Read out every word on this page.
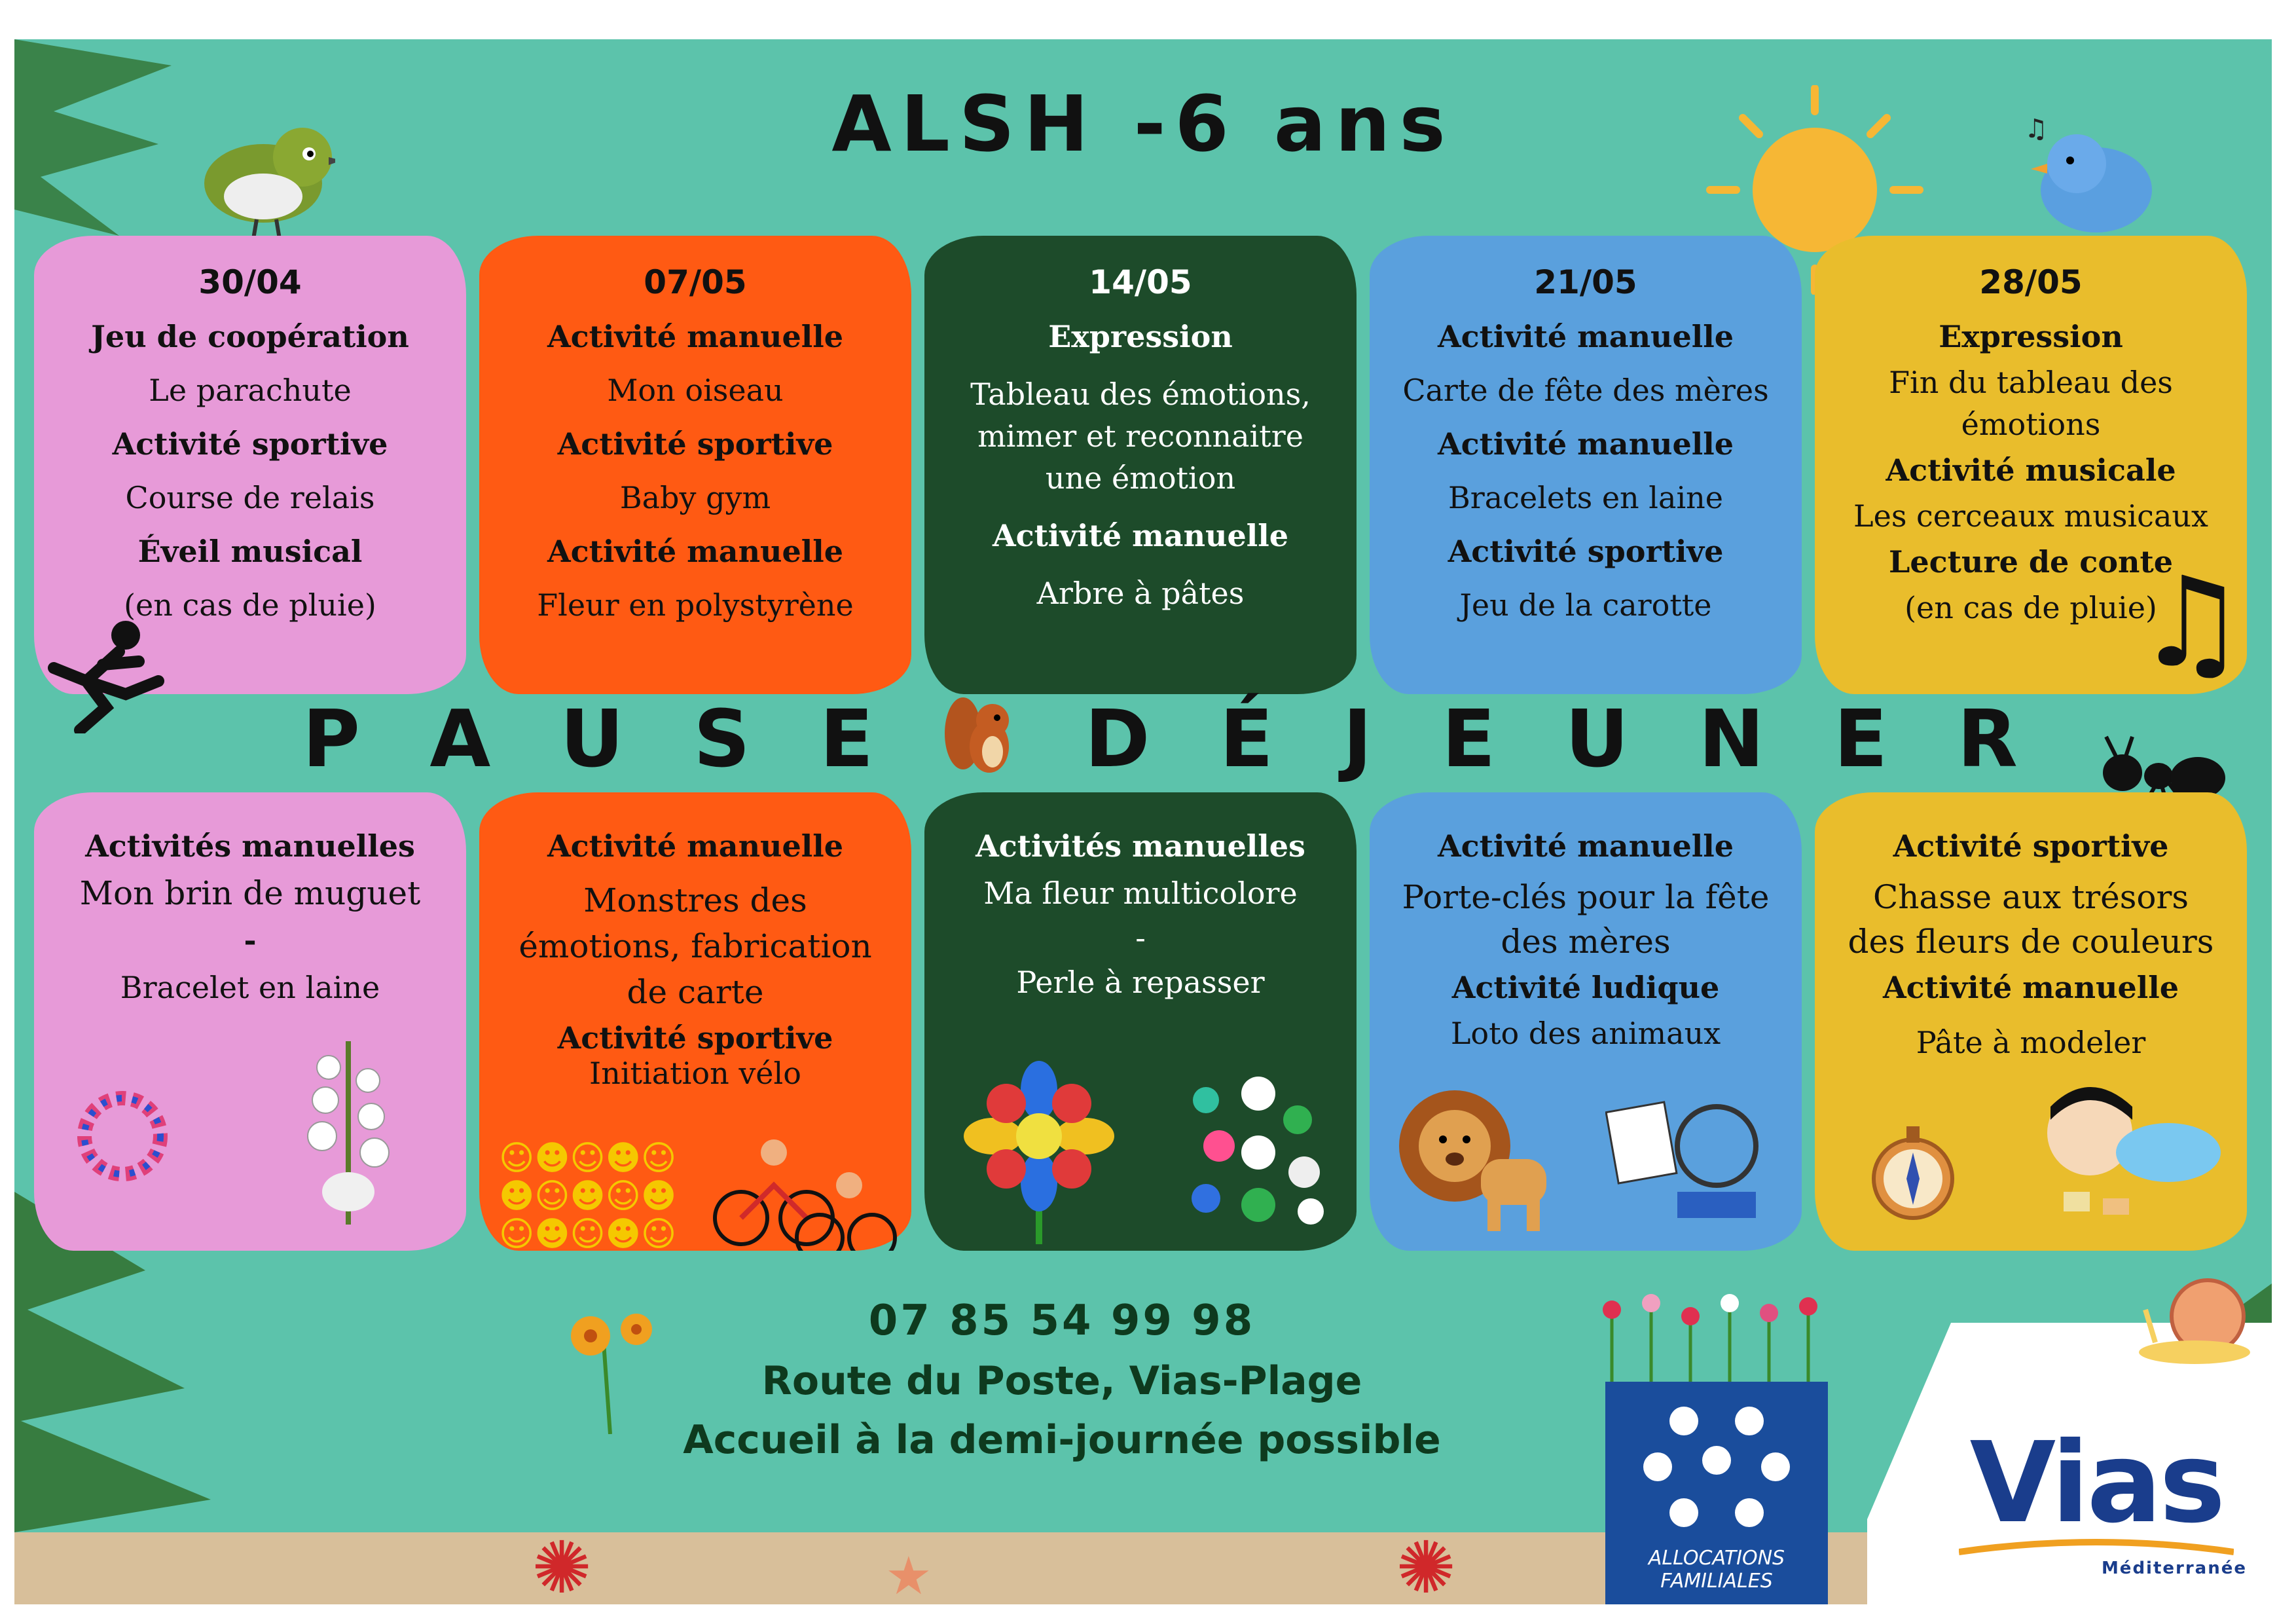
ALSH -6 ans	♫
30/04
Jeu de coopération
Le parachute
Activité sportive
Course de relais
Éveil musical
(en cas de pluie)
07/05
Activité manuelle
Mon oiseau
Activité sportive
Baby gym
Activité manuelle
Fleur en polystyrène
14/05
Expression
Tableau des émotions, mimer et reconnaitre une émotion
Activité manuelle
Arbre à pâtes
21/05
Activité manuelle
Carte de fête des mères
Activité manuelle
Bracelets en laine
Activité sportive
Jeu de la carotte
28/05
Expression
Fin du tableau des émotions
Activité musicale
Les cerceaux musicaux
Lecture de conte
(en cas de pluie)
♫
P A U S E	D É J E U N E R
Activités manuelles
Mon brin de muguet
-
Bracelet en laine
Activité manuelle
Monstres des émotions, fabrication de carte
Activité sportive
Initiation vélo
☺☻☺☻☺
☻☺☻☺☻
☺☻☺☻☺
Activités manuelles
Ma fleur multicolore
-
Perle à repasser
Activité manuelle
Porte-clés pour la fête des mères
Activité ludique
Loto des animaux
Activité sportive
Chasse aux trésors des fleurs de couleurs
Activité manuelle
Pâte à modeler
07 85 54 99 98
Route du Poste, Vias-Plage
Accueil à la demi-journée possible
✺	✺
★	ALLOCATIONS FAMILIALES
Vias
Méditerranée
